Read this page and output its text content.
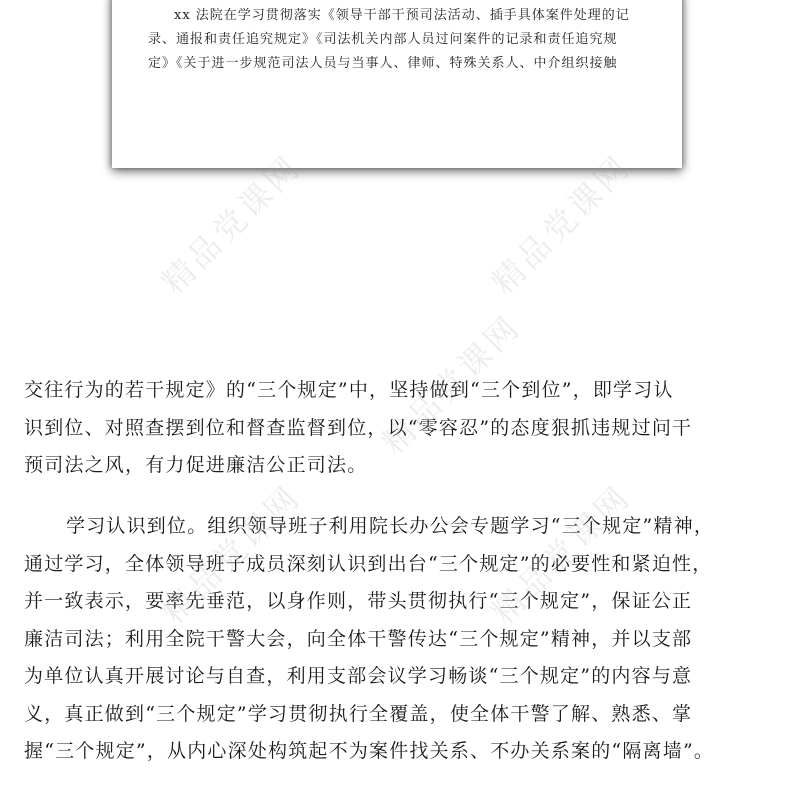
xx 法院在学习贯彻落实《领导干部干预司法活动、插手具体案件处理的记
录、通报和责任追究规定》《司法机关内部人员过问案件的记录和责任追究规
定》《关于进一步规范司法人员与当事人、律师、特殊关系人、中介组织接触
交往行为的若干规定》的“三个规定”中，坚持做到“三个到位”，即学习认
识到位、对照查摆到位和督查监督到位，以“零容忍”的态度狠抓违规过问干
预司法之风，有力促进廉洁公正司法。
学习认识到位。组织领导班子利用院长办公会专题学习“三个规定”精神，
通过学习，全体领导班子成员深刻认识到出台“三个规定”的必要性和紧迫性，
并一致表示，要率先垂范，以身作则，带头贯彻执行“三个规定”，保证公正
廉洁司法；利用全院干警大会，向全体干警传达“三个规定”精神，并以支部
为单位认真开展讨论与自查，利用支部会议学习畅谈“三个规定”的内容与意
义，真正做到“三个规定”学习贯彻执行全覆盖，使全体干警了解、熟悉、掌
握“三个规定”，从内心深处构筑起不为案件找关系、不办关系案的“隔离墙”。
精品党课网	精品党课网
精品党课网
精品党课网	精品党课网
